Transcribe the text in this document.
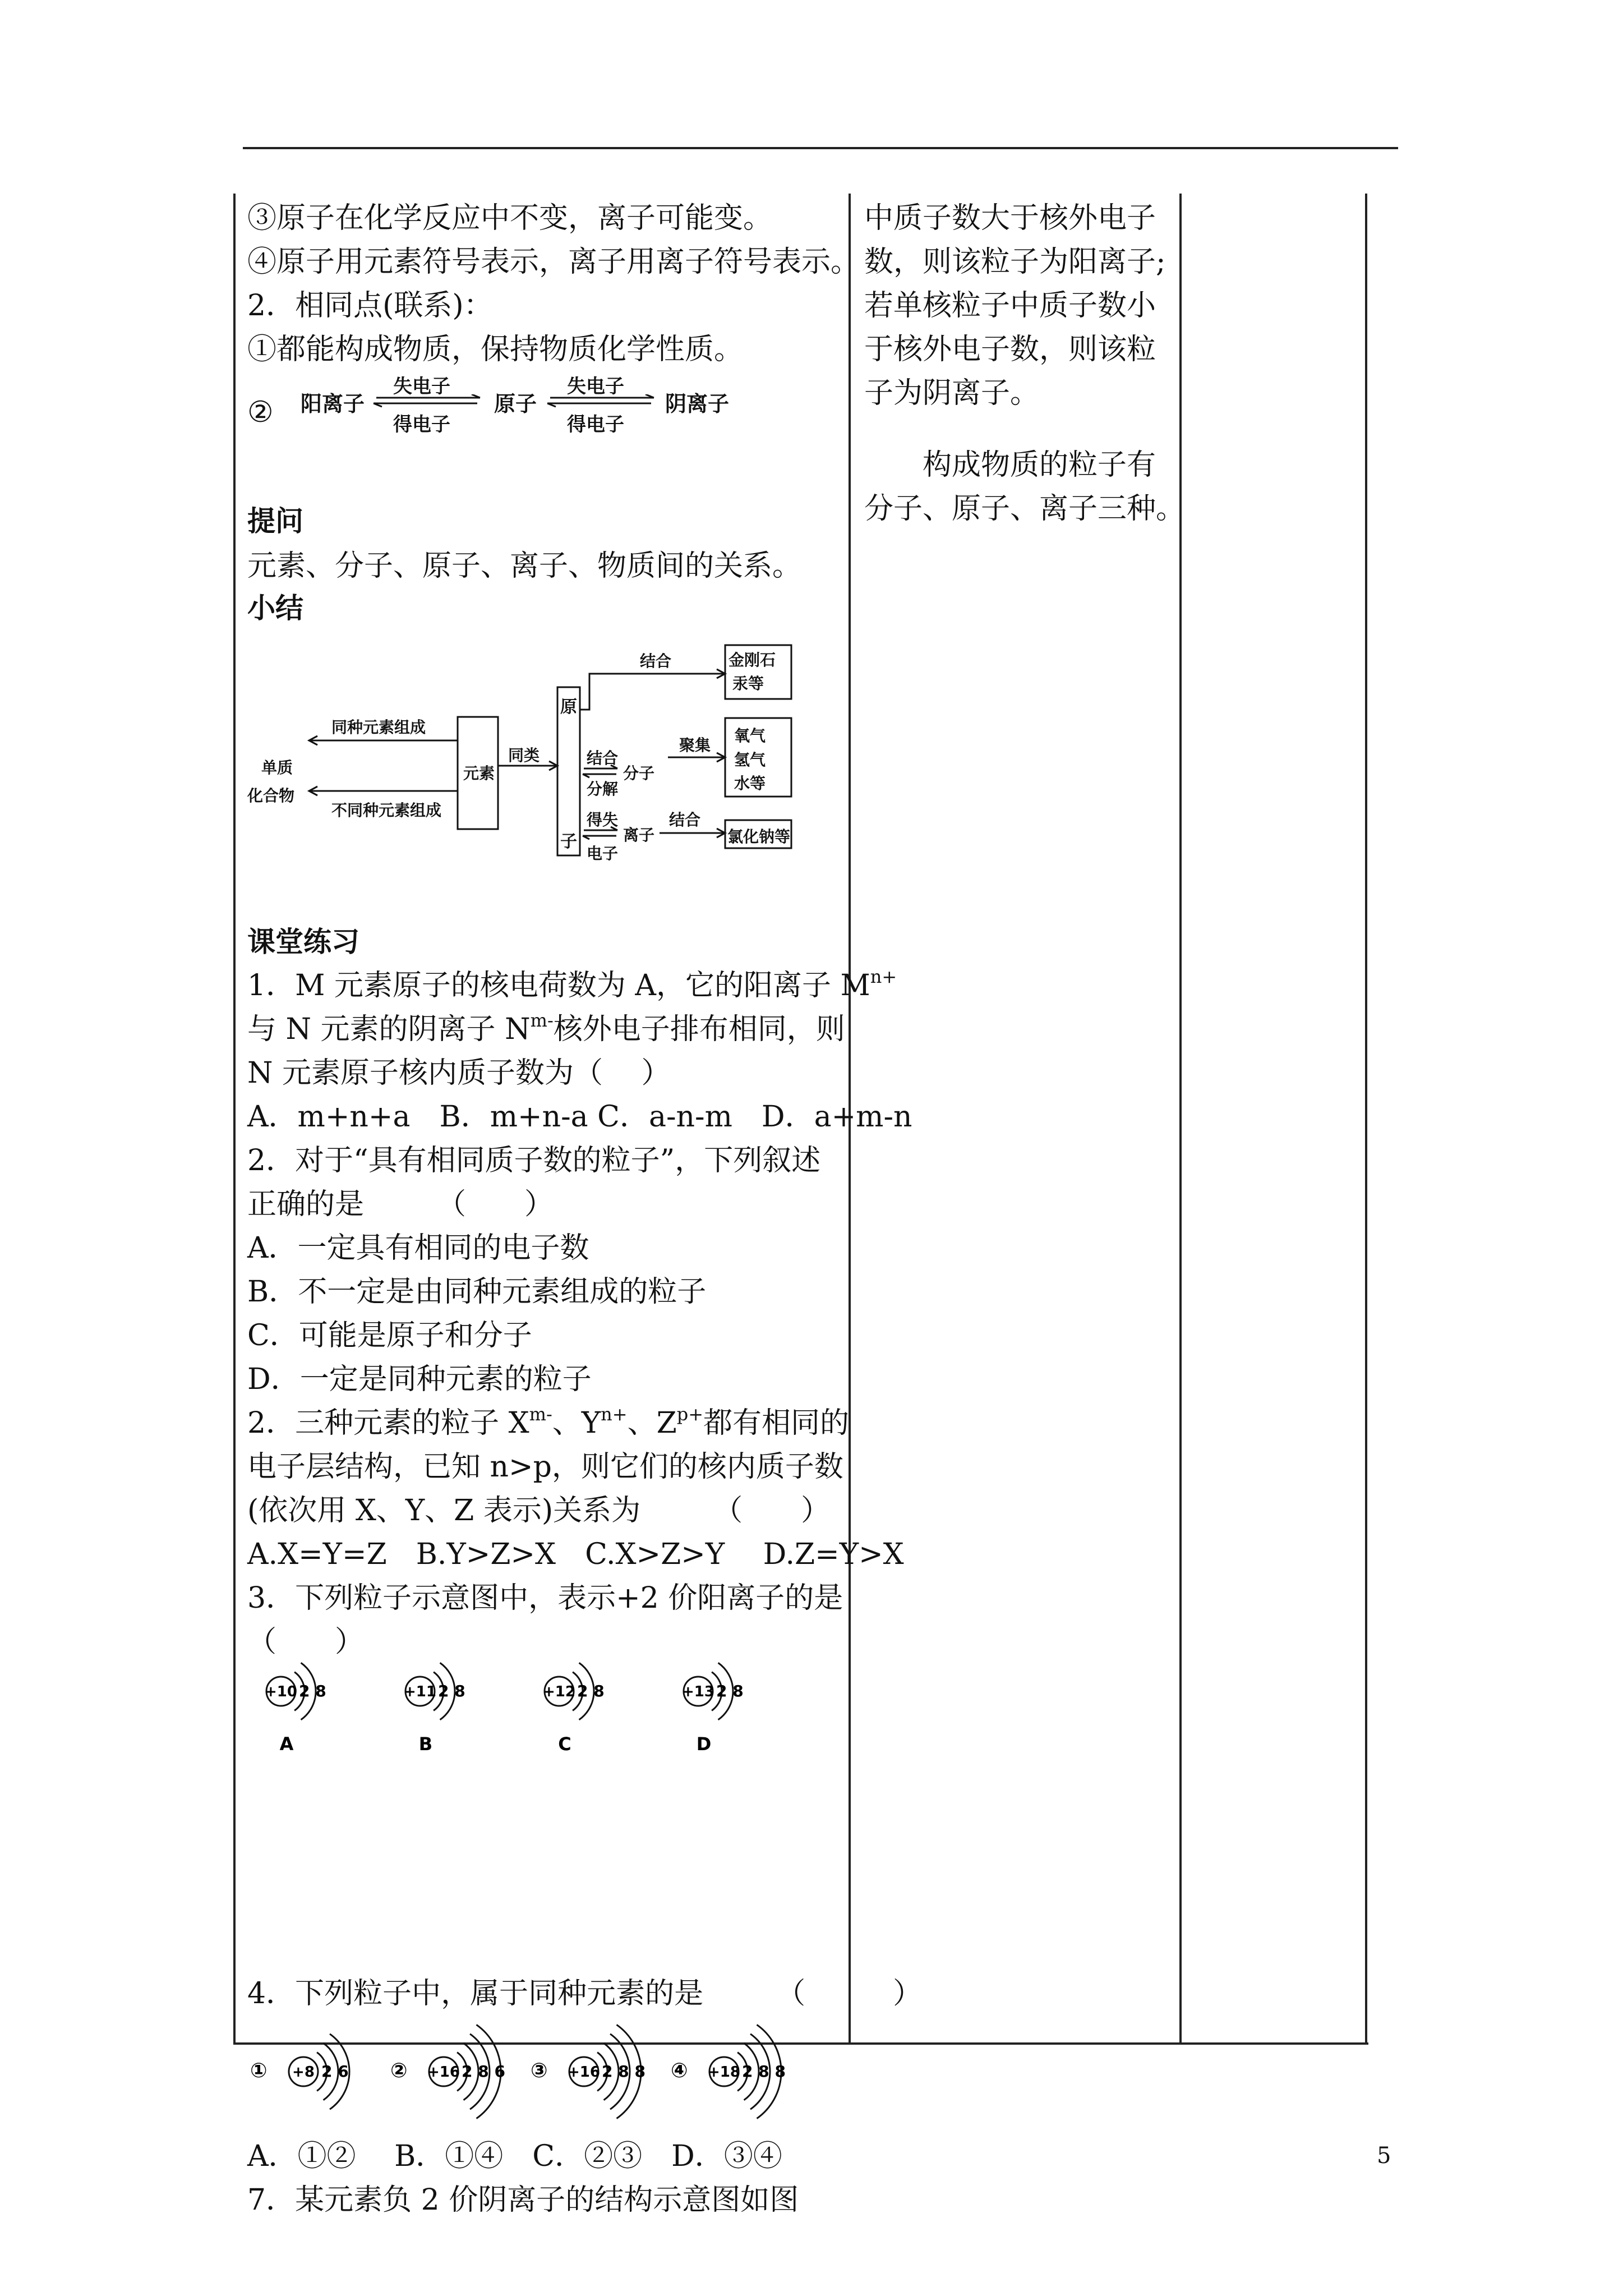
③原子在化学反应中不变，离子可能变。
④原子用元素符号表示，离子用离子符号表示。
2．相同点(联系)：
①都能构成物质，保持物质化学性质。
② 阳离子
失电子
得电子
原子
失电子
得电子
阴离子
提问
元素、分子、原子、离子、物质间的关系。
小结
同种元素组成
单质
化合物
不同种元素组成
元素
同类
原
子
结合	金刚石
汞等
结合
分解
分子
聚集
氧气
氢气
水等
得失
电子
离子
结合
氯化钠等
课堂练习
1．M 元素原子的核电荷数为 A，它的阳离子 $M^{n+}$
与 N 元素的阴离子 $N^{m-}$核外电子排布相同，则
N 元素原子核内质子数为（　 ）
A．m+n+a　B．m+n-a C．a-n-m　D．a+m-n
2．对于“具有相同质子数的粒子”，下列叙述
正确的是　　　（　　）
A．一定具有相同的电子数
B．不一定是由同种元素组成的粒子
C．可能是原子和分子
D．一定是同种元素的粒子
2．三种元素的粒子 $X^{m-}$、$Y^{n+}$、$Z^{p+}$都有相同的
电子层结构，已知 n>p，则它们的核内质子数
(依次用 X、Y、Z 表示)关系为　　　（　　）
A.X=Y=Z　B.Y>Z>X　C.X>Z>Y　 D.Z=Y>X
3．下列粒子示意图中，表示+2 价阳离子的是
（　　）
+10 2 8
A
+11 2 8
B
+12 2 8
C
+13 2 8
D
4．下列粒子中，属于同种元素的是　　　（　　　）
① +8 2 6 ② +16 2 8 6 ③ +16 2 8 8 ④ +18 2 8 8
A．①②　 B．①④　C．②③　D．③④
7．某元素负 2 价阴离子的结构示意图如图
中质子数大于核外电子
数，则该粒子为阳离子;
若单核粒子中质子数小
于核外电子数，则该粒
子为阴离子。
　　构成物质的粒子有
分子、原子、离子三种。
5
